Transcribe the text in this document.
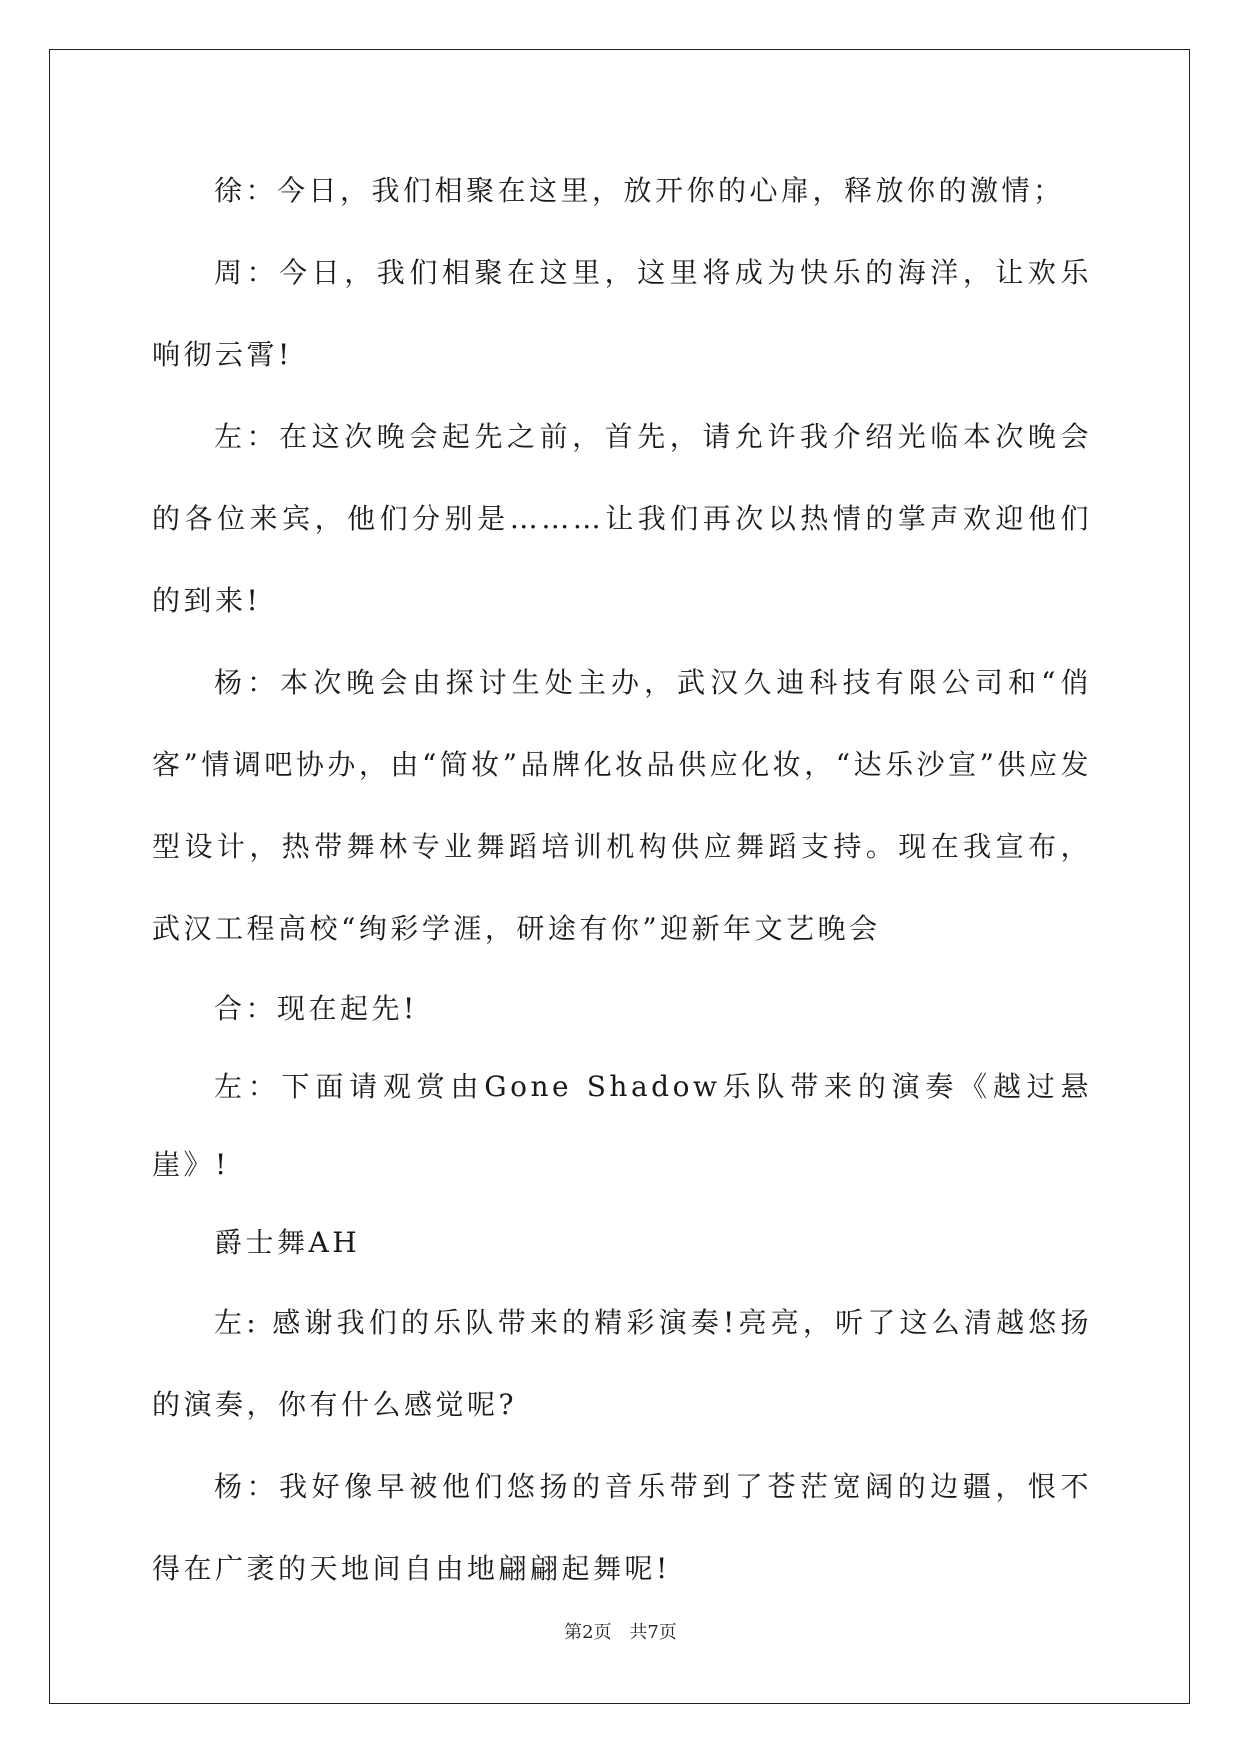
徐：今日，我们相聚在这里，放开你的心扉，释放你的激情；

周：今日，我们相聚在这里，这里将成为快乐的海洋，让欢乐响彻云霄!

左：在这次晚会起先之前，首先，请允许我介绍光临本次晚会的各位来宾，他们分别是………让我们再次以热情的掌声欢迎他们的到来!

杨：本次晚会由探讨生处主办，武汉久迪科技有限公司和“俏客”情调吧协办，由“简妆”品牌化妆品供应化妆，“达乐沙宣”供应发型设计，热带舞林专业舞蹈培训机构供应舞蹈支持。现在我宣布，武汉工程高校“绚彩学涯，研途有你”迎新年文艺晚会

合：现在起先!

左：下面请观赏由Gone Shadow乐队带来的演奏《越过悬崖》!

爵士舞AH

左: 感谢我们的乐队带来的精彩演奏!亮亮，听了这么清越悠扬的演奏，你有什么感觉呢?

杨：我好像早被他们悠扬的音乐带到了苍茫宽阔的边疆，恨不得在广袤的天地间自由地翩翩起舞呢!

第2页 共7页
